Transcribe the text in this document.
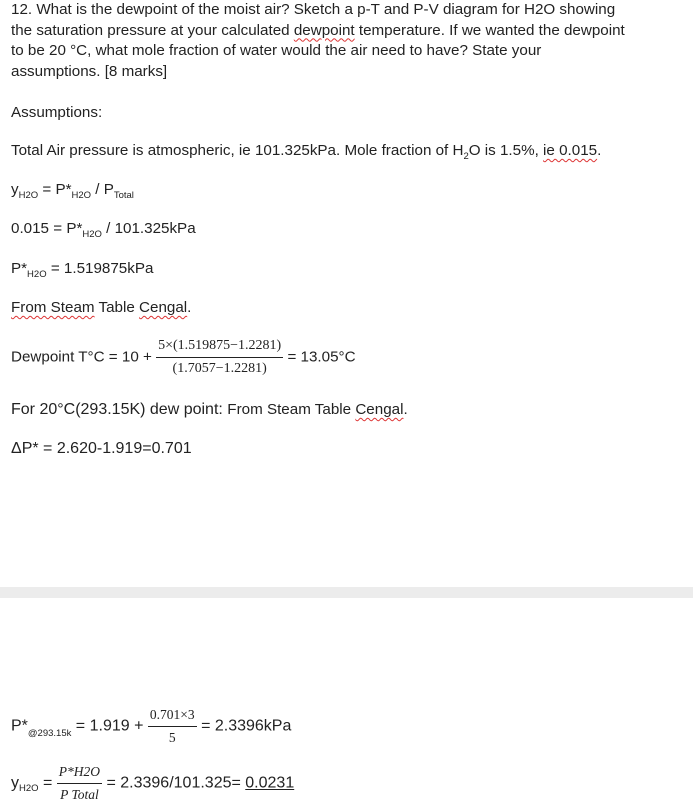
12. What is the dewpoint of the moist air? Sketch a p-T and P-V diagram for H2O showing
the saturation pressure at your calculated dewpoint temperature. If we wanted the dewpoint
to be 20 °C, what mole fraction of water would the air need to have? State your
assumptions. [8 marks]
Assumptions:
Total Air pressure is atmospheric, ie 101.325kPa. Mole fraction of $H_2O$ is 1.5%, ie 0.015.
$y_{H2O} = P*_{H2O} / P_{Total}$
$0.015 = P*_{H2O} / 101.325kPa$
$P*_{H2O} = 1.519875kPa$
From Steam Table Cengal.
Dewpoint $T^\circ C = 10 + \frac{5\times(1.519875-1.2281)}{(1.7057-1.2281)} = 13.05^\circ C$
For 20°C(293.15K) dew point: From Steam Table Cengal.
ΔP* = 2.620-1.919=0.701
$P*_{@293.15k} = 1.919 + \frac{0.701\times 3}{5} = 2.3396kPa$
$y_{H2O} = \frac{P*H2O}{\text{P Total}} = 2.3396/101.325= 0.0231$
